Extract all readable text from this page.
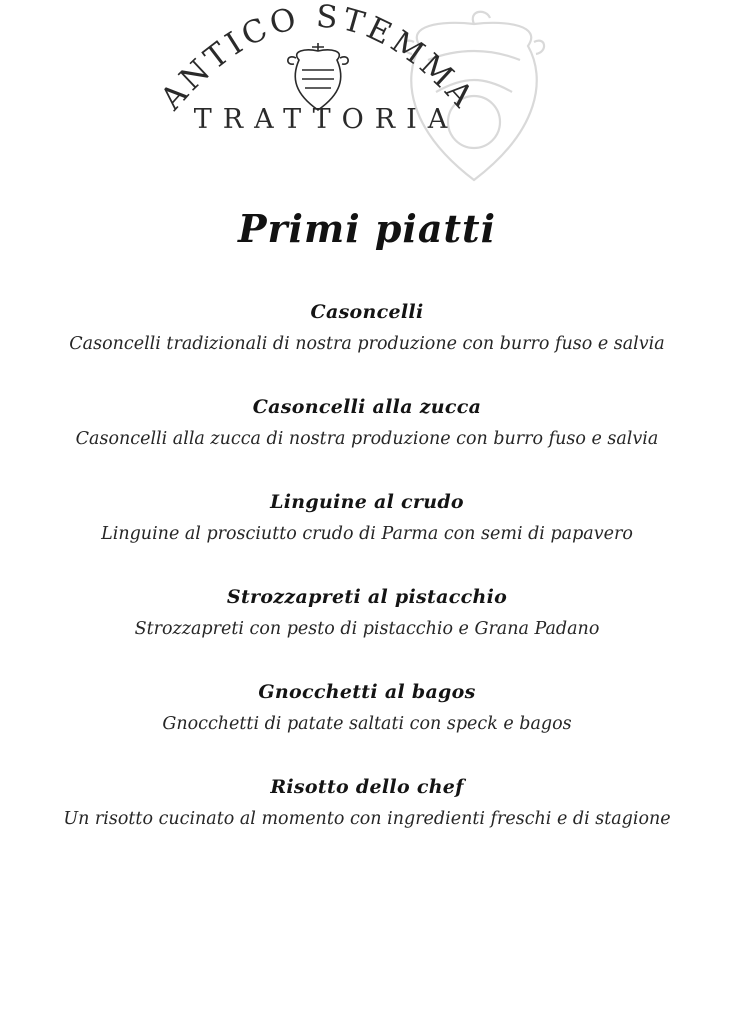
ANTICO STEMMA
TRATTORIA
Primi piatti
Casoncelli

Casoncelli tradizionali di nostra produzione con burro fuso e salvia

Casoncelli alla zucca

Casoncelli alla zucca di nostra produzione con burro fuso e salvia

Linguine al crudo

Linguine al prosciutto crudo di Parma con semi di papavero

Strozzapreti al pistacchio

Strozzapreti con pesto di pistacchio e Grana Padano

Gnocchetti al bagos

Gnocchetti di patate saltati con speck e bagos

Risotto dello chef

Un risotto cucinato al momento con ingredienti freschi e di stagione
